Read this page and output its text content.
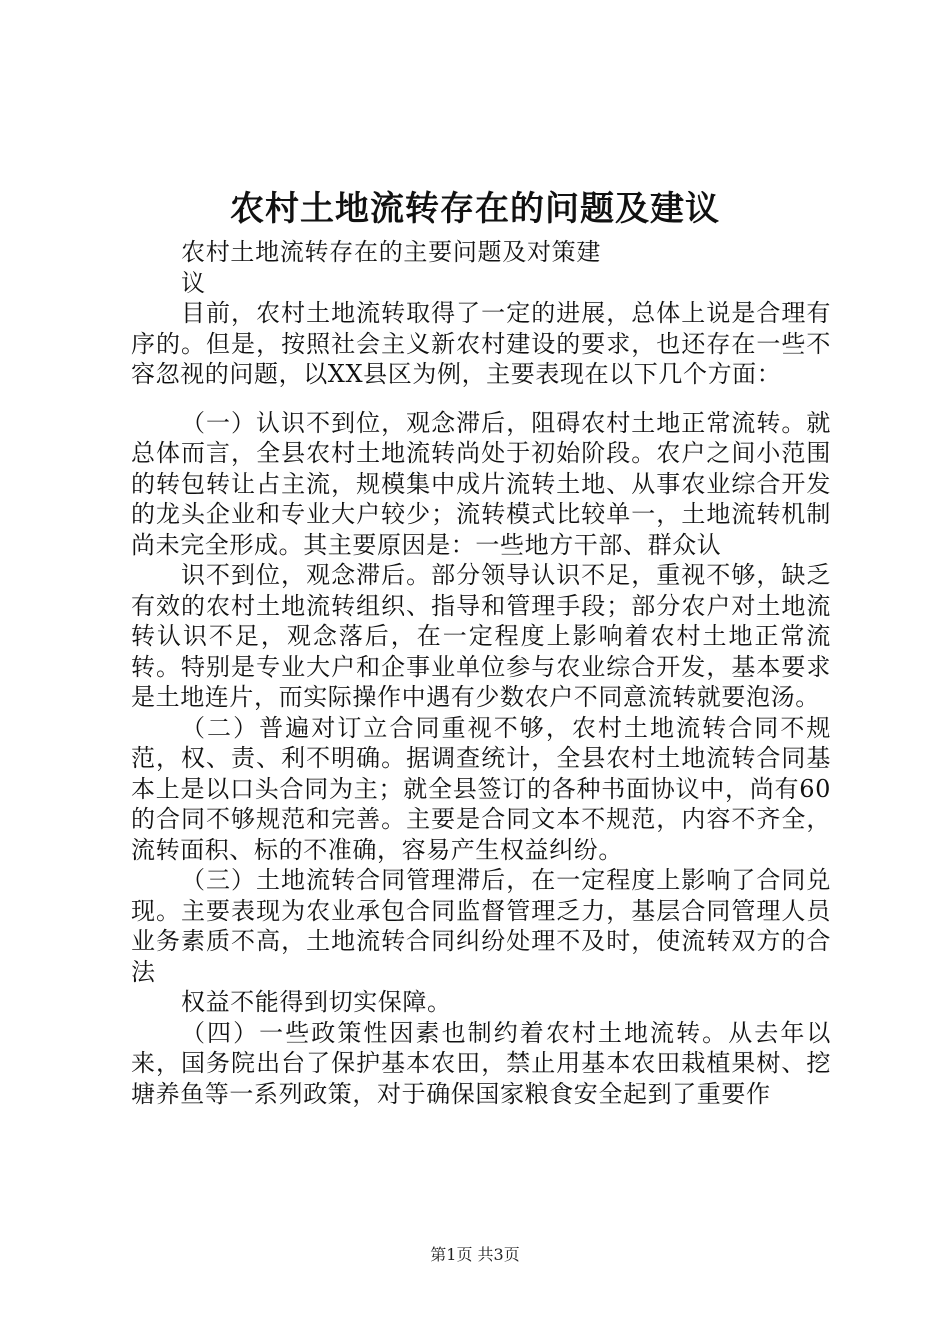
农村土地流转存在的问题及建议

农村土地流转存在的主要问题及对策建议

目前，农村土地流转取得了一定的进展，总体上说是合理有序的。但是，按照社会主义新农村建设的要求，也还存在一些不容忽视的问题，以XX县区为例，主要表现在以下几个方面：

（一）认识不到位，观念滞后，阻碍农村土地正常流转。就总体而言，全县农村土地流转尚处于初始阶段。农户之间小范围的转包转让占主流，规模集中成片流转土地、从事农业综合开发的龙头企业和专业大户较少；流转模式比较单一，土地流转机制尚未完全形成。其主要原因是：一些地方干部、群众认

识不到位，观念滞后。部分领导认识不足，重视不够，缺乏有效的农村土地流转组织、指导和管理手段；部分农户对土地流转认识不足，观念落后，在一定程度上影响着农村土地正常流转。特别是专业大户和企事业单位参与农业综合开发，基本要求是土地连片，而实际操作中遇有少数农户不同意流转就要泡汤。

（二）普遍对订立合同重视不够，农村土地流转合同不规范，权、责、利不明确。据调查统计，全县农村土地流转合同基本上是以口头合同为主；就全县签订的各种书面协议中，尚有60的合同不够规范和完善。主要是合同文本不规范，内容不齐全，流转面积、标的不准确，容易产生权益纠纷。

（三）土地流转合同管理滞后，在一定程度上影响了合同兑现。主要表现为农业承包合同监督管理乏力，基层合同管理人员业务素质不高，土地流转合同纠纷处理不及时，使流转双方的合法

权益不能得到切实保障。

（四）一些政策性因素也制约着农村土地流转。从去年以来，国务院出台了保护基本农田，禁止用基本农田栽植果树、挖塘养鱼等一系列政策，对于确保国家粮食安全起到了重要作

第1页 共3页
